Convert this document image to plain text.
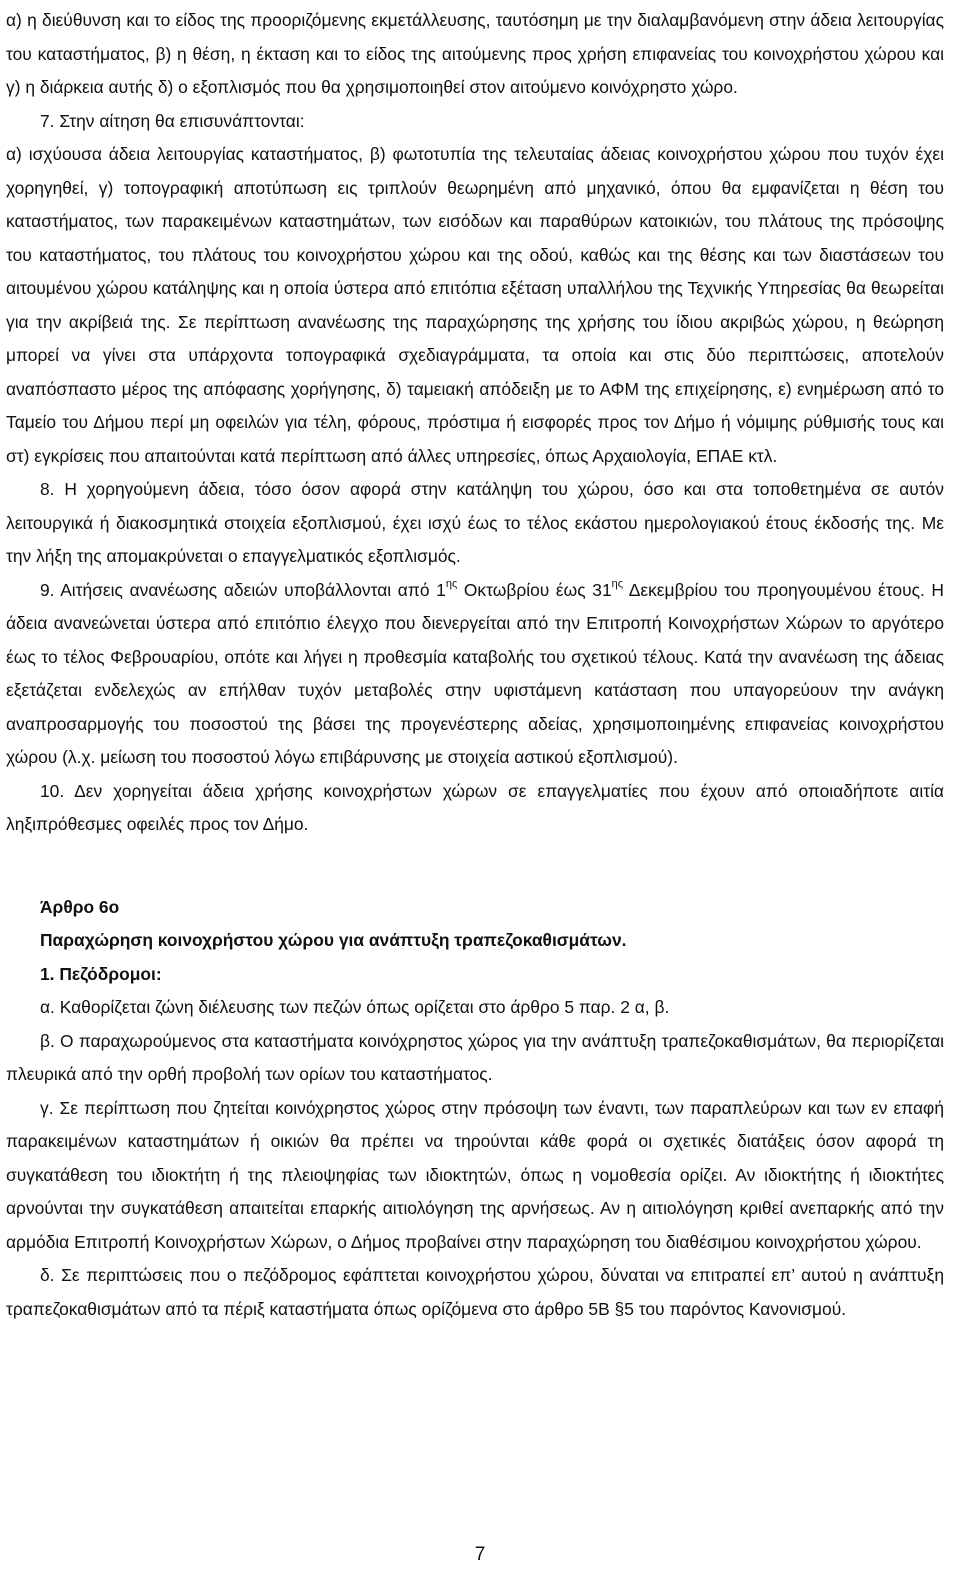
α) η διεύθυνση και το είδος της προοριζόμενης εκμετάλλευσης, ταυτόσημη με την διαλαμβανόμενη στην άδεια λειτουργίας του καταστήματος, β) η θέση, η έκταση και το είδος της αιτούμενης προς χρήση επιφανείας του κοινοχρήστου χώρου και γ) η διάρκεια αυτής δ) ο εξοπλισμός που θα χρησιμοποιηθεί στον αιτούμενο κοινόχρηστο χώρο.

7. Στην αίτηση θα επισυνάπτονται:

α) ισχύουσα άδεια λειτουργίας καταστήματος, β) φωτοτυπία της τελευταίας άδειας κοινοχρήστου χώρου που τυχόν έχει χορηγηθεί, γ) τοπογραφική αποτύπωση εις τριπλούν θεωρημένη από μηχανικό, όπου θα εμφανίζεται η θέση του καταστήματος, των παρακειμένων καταστημάτων, των εισόδων και παραθύρων κατοικιών, του πλάτους της πρόσοψης του καταστήματος, του πλάτους του κοινοχρήστου χώρου και της οδού, καθώς και της θέσης και των διαστάσεων του αιτουμένου χώρου κατάληψης και η οποία ύστερα από επιτόπια εξέταση υπαλλήλου της Τεχνικής Υπηρεσίας θα θεωρείται για την ακρίβειά της. Σε περίπτωση ανανέωσης της παραχώρησης της χρήσης του ίδιου ακριβώς χώρου, η θεώρηση μπορεί να γίνει στα υπάρχοντα τοπογραφικά σχεδιαγράμματα, τα οποία και στις δύο περιπτώσεις, αποτελούν αναπόσπαστο μέρος της απόφασης χορήγησης, δ) ταμειακή απόδειξη με το ΑΦΜ της επιχείρησης, ε) ενημέρωση από το Ταμείο του Δήμου περί μη οφειλών για τέλη, φόρους, πρόστιμα ή εισφορές προς τον Δήμο ή νόμιμης ρύθμισής τους και στ) εγκρίσεις που απαιτούνται κατά περίπτωση από άλλες υπηρεσίες, όπως Αρχαιολογία, ΕΠΑΕ κτλ.

8. Η χορηγούμενη άδεια, τόσο όσον αφορά στην κατάληψη του χώρου, όσο και στα τοποθετημένα σε αυτόν λειτουργικά ή διακοσμητικά στοιχεία εξοπλισμού, έχει ισχύ έως το τέλος εκάστου ημερολογιακού έτους έκδοσής της. Με την λήξη της απομακρύνεται ο επαγγελματικός εξοπλισμός.

9. Αιτήσεις ανανέωσης αδειών υποβάλλονται από $1^{\eta\varsigma}$ Οκτωβρίου έως $31^{\eta\varsigma}$ Δεκεμβρίου του προηγουμένου έτους. Η άδεια ανανεώνεται ύστερα από επιτόπιο έλεγχο που διενεργείται από την Επιτροπή Κοινοχρήστων Χώρων το αργότερο έως το τέλος Φεβρουαρίου, οπότε και λήγει η προθεσμία καταβολής του σχετικού τέλους. Κατά την ανανέωση της άδειας εξετάζεται ενδελεχώς αν επήλθαν τυχόν μεταβολές στην υφιστάμενη κατάσταση που υπαγορεύουν την ανάγκη αναπροσαρμογής του ποσοστού της βάσει της προγενέστερης αδείας, χρησιμοποιημένης επιφανείας κοινοχρήστου χώρου (λ.χ. μείωση του ποσοστού λόγω επιβάρυνσης με στοιχεία αστικού εξοπλισμού).

10. Δεν χορηγείται άδεια χρήσης κοινοχρήστων χώρων σε επαγγελματίες που έχουν από οποιαδήποτε αιτία ληξιπρόθεσμες οφειλές προς τον Δήμο.

Άρθρο 6ο

Παραχώρηση κοινοχρήστου χώρου για ανάπτυξη τραπεζοκαθισμάτων.

1. Πεζόδρομοι:

α. Καθορίζεται ζώνη διέλευσης των πεζών όπως ορίζεται στο άρθρο 5 παρ. 2 α, β.

β. Ο παραχωρούμενος στα καταστήματα κοινόχρηστος χώρος για την ανάπτυξη τραπεζοκαθισμάτων, θα περιορίζεται πλευρικά από την ορθή προβολή των ορίων του καταστήματος.

γ. Σε περίπτωση που ζητείται κοινόχρηστος χώρος στην πρόσοψη των έναντι, των παραπλεύρων και των εν επαφή παρακειμένων καταστημάτων ή οικιών θα πρέπει να τηρούνται κάθε φορά οι σχετικές διατάξεις όσον αφορά τη συγκατάθεση του ιδιοκτήτη ή της πλειοψηφίας των ιδιοκτητών, όπως η νομοθεσία ορίζει. Αν ιδιοκτήτης ή ιδιοκτήτες αρνούνται την συγκατάθεση απαιτείται επαρκής αιτιολόγηση της αρνήσεως. Αν η αιτιολόγηση κριθεί ανεπαρκής από την αρμόδια Επιτροπή Κοινοχρήστων Χώρων, ο Δήμος προβαίνει στην παραχώρηση του διαθέσιμου κοινοχρήστου χώρου.

δ. Σε περιπτώσεις που ο πεζόδρομος εφάπτεται κοινοχρήστου χώρου, δύναται να επιτραπεί επ’ αυτού η ανάπτυξη τραπεζοκαθισμάτων από τα πέριξ καταστήματα όπως ορίζόμενα στο άρθρο 5Β §5 του παρόντος Κανονισμού.

7
